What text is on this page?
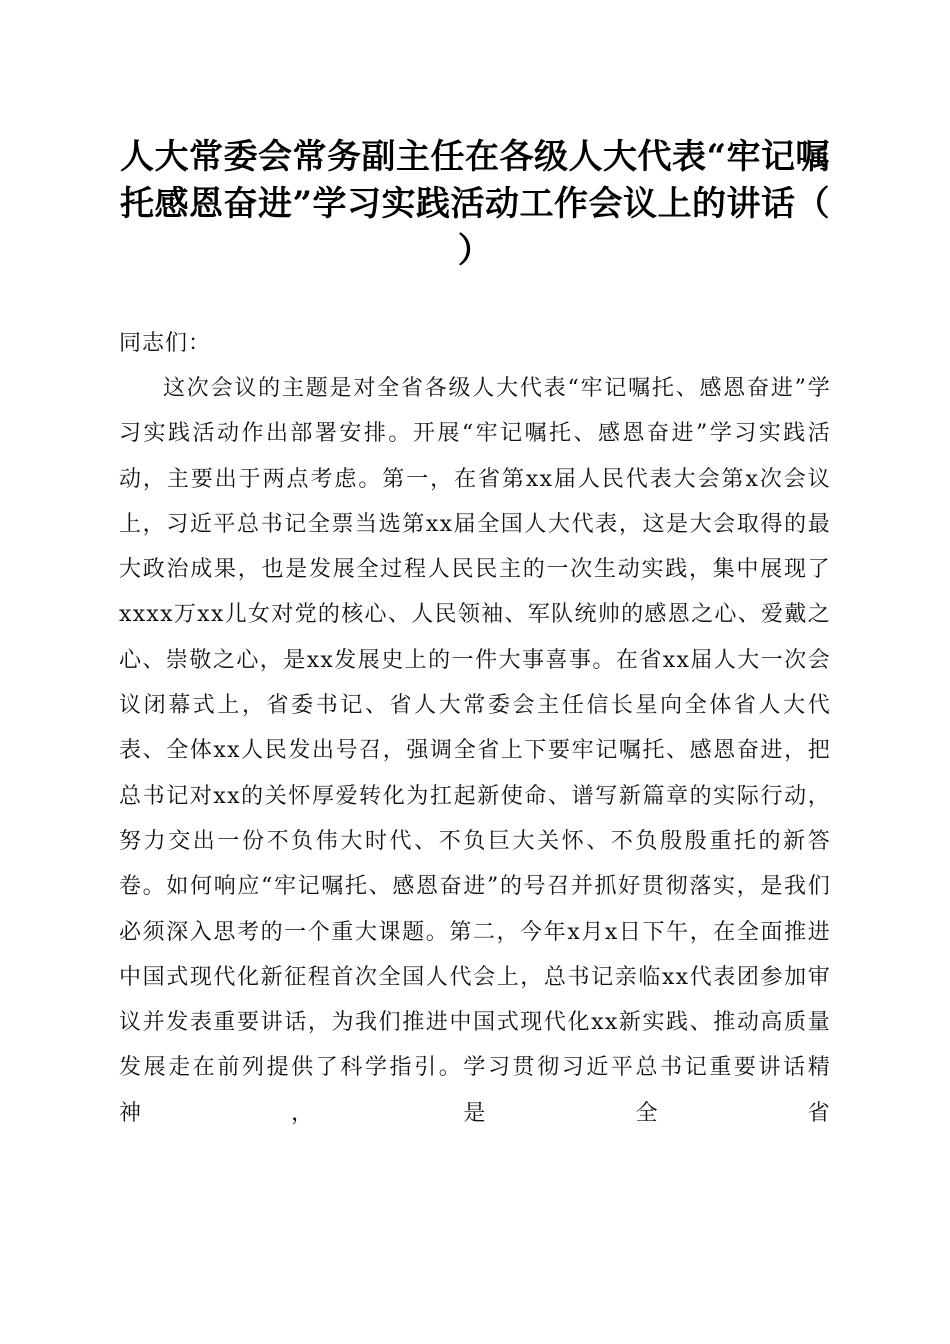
人大常委会常务副主任在各级人大代表“牢记嘱托感恩奋进”学习实践活动工作会议上的讲话（ ）

同志们：

这次会议的主题是对全省各级人大代表“牢记嘱托、感恩奋进”学习实践活动作出部署安排。开展“牢记嘱托、感恩奋进”学习实践活动，主要出于两点考虑。第一，在省第xx届人民代表大会第x次会议上，习近平总书记全票当选第xx届全国人大代表，这是大会取得的最大政治成果，也是发展全过程人民民主的一次生动实践，集中展现了xxxx万xx儿女对党的核心、人民领袖、军队统帅的感恩之心、爱戴之心、崇敬之心，是xx发展史上的一件大事喜事。在省xx届人大一次会议闭幕式上，省委书记、省人大常委会主任信长星向全体省人大代表、全体xx人民发出号召，强调全省上下要牢记嘱托、感恩奋进，把总书记对xx的关怀厚爱转化为扛起新使命、谱写新篇章的实际行动，努力交出一份不负伟大时代、不负巨大关怀、不负殷殷重托的新答卷。如何响应“牢记嘱托、感恩奋进”的号召并抓好贯彻落实，是我们必须深入思考的一个重大课题。第二，今年x月x日下午，在全面推进中国式现代化新征程首次全国人代会上，总书记亲临xx代表团参加审议并发表重要讲话，为我们推进中国式现代化xx新实践、推动高质量发展走在前列提供了科学指引。学习贯彻习近平总书记重要讲话精神，是全省
